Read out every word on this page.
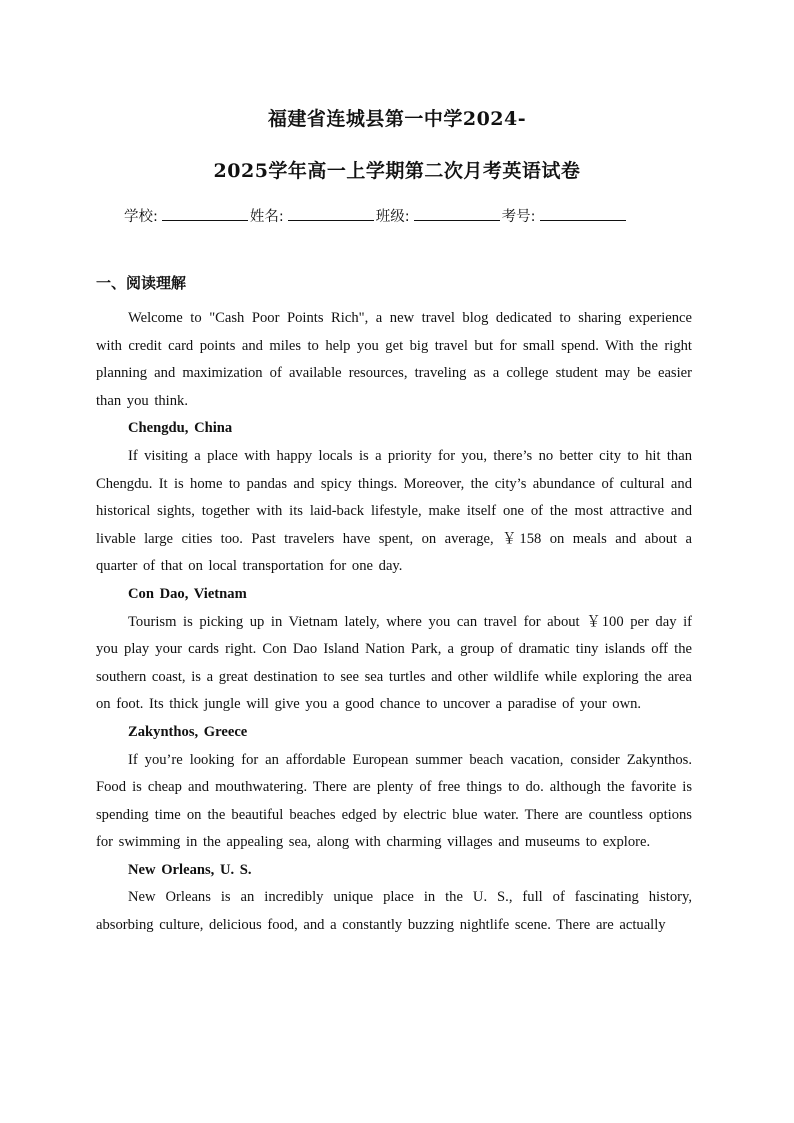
福建省连城县第一中学2024-
2025学年高一上学期第二次月考英语试卷
学校:	姓名:	班级:	考号:
一、阅读理解

Welcome to "Cash Poor Points Rich", a new travel blog dedicated to sharing experience with credit card points and miles to help you get big travel but for small spend. With the right planning and maximization of available resources, traveling as a college student may be easier than you think.

Chengdu, China

If visiting a place with happy locals is a priority for you, there’s no better city to hit than Chengdu. It is home to pandas and spicy things. Moreover, the city’s abundance of cultural and historical sights, together with its laid-back lifestyle, make itself one of the most attractive and livable large cities too. Past travelers have spent, on average, ￥158 on meals and about a quarter of that on local transportation for one day.

Con Dao, Vietnam

Tourism is picking up in Vietnam lately, where you can travel for about ￥100 per day if you play your cards right. Con Dao Island Nation Park, a group of dramatic tiny islands off the southern coast, is a great destination to see sea turtles and other wildlife while exploring the area on foot. Its thick jungle will give you a good chance to uncover a paradise of your own.

Zakynthos, Greece

If you’re looking for an affordable European summer beach vacation, consider Zakynthos. Food is cheap and mouthwatering. There are plenty of free things to do. although the favorite is spending time on the beautiful beaches edged by electric blue water. There are countless options for swimming in the appealing sea, along with charming villages and museums to explore.

New Orleans, U. S.

New Orleans is an incredibly unique place in the U. S., full of fascinating history, absorbing culture, delicious food, and a constantly buzzing nightlife scene. There are actually
